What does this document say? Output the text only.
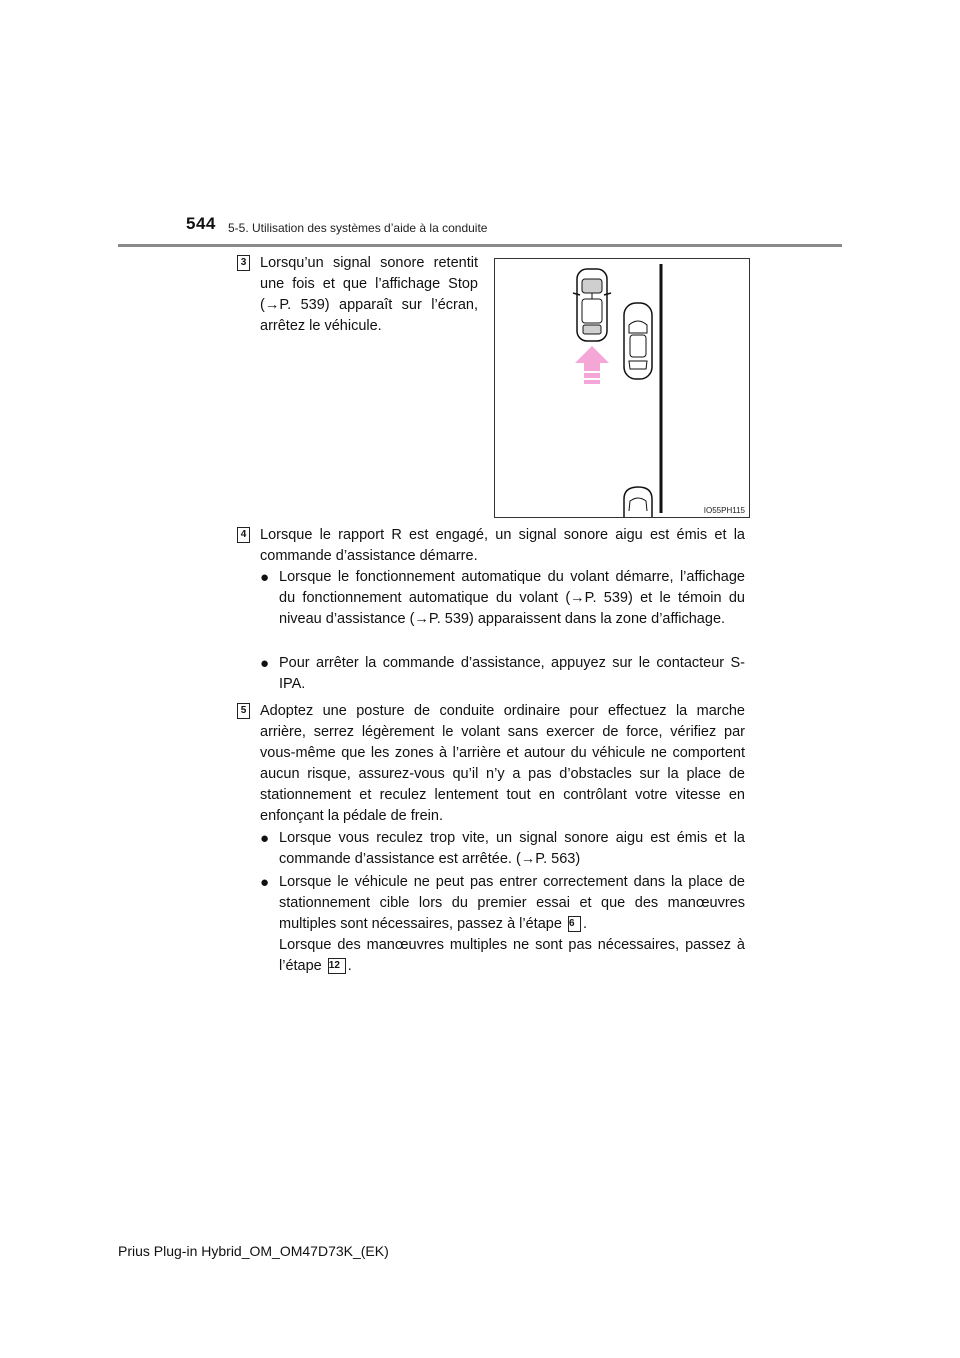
544 5-5. Utilisation des systèmes d’aide à la conduite
3 Lorsqu’un signal sonore retentit une fois et que l’affichage Stop (→P. 539) apparaît sur l’écran, arrêtez le véhicule.

IO55PH115
4 Lorsque le rapport R est engagé, un signal sonore aigu est émis et la commande d’assistance démarre.

● Lorsque le fonctionnement automatique du volant démarre, l’affichage du fonctionnement automatique du volant (→P. 539) et le témoin du niveau d’assistance (→P. 539) apparaissent dans la zone d’affichage.

● Pour arrêter la commande d’assistance, appuyez sur le contacteur S-IPA.

5 Adoptez une posture de conduite ordinaire pour effectuez la marche arrière, serrez légèrement le volant sans exercer de force, vérifiez par vous-même que les zones à l’arrière et autour du véhicule ne comportent aucun risque, assurez-vous qu’il n’y a pas d’obstacles sur la place de stationnement et reculez lentement tout en contrôlant votre vitesse en enfonçant la pédale de frein.

● Lorsque vous reculez trop vite, un signal sonore aigu est émis et la commande d’assistance est arrêtée. (→P. 563)

● Lorsque le véhicule ne peut pas entrer correctement dans la place de stationnement cible lors du premier essai et que des manœuvres multiples sont nécessaires, passez à l’étape 6 .
Lorsque des manœuvres multiples ne sont pas nécessaires, passez à l’étape 12 .

Prius Plug-in Hybrid_OM_OM47D73K_(EK)
